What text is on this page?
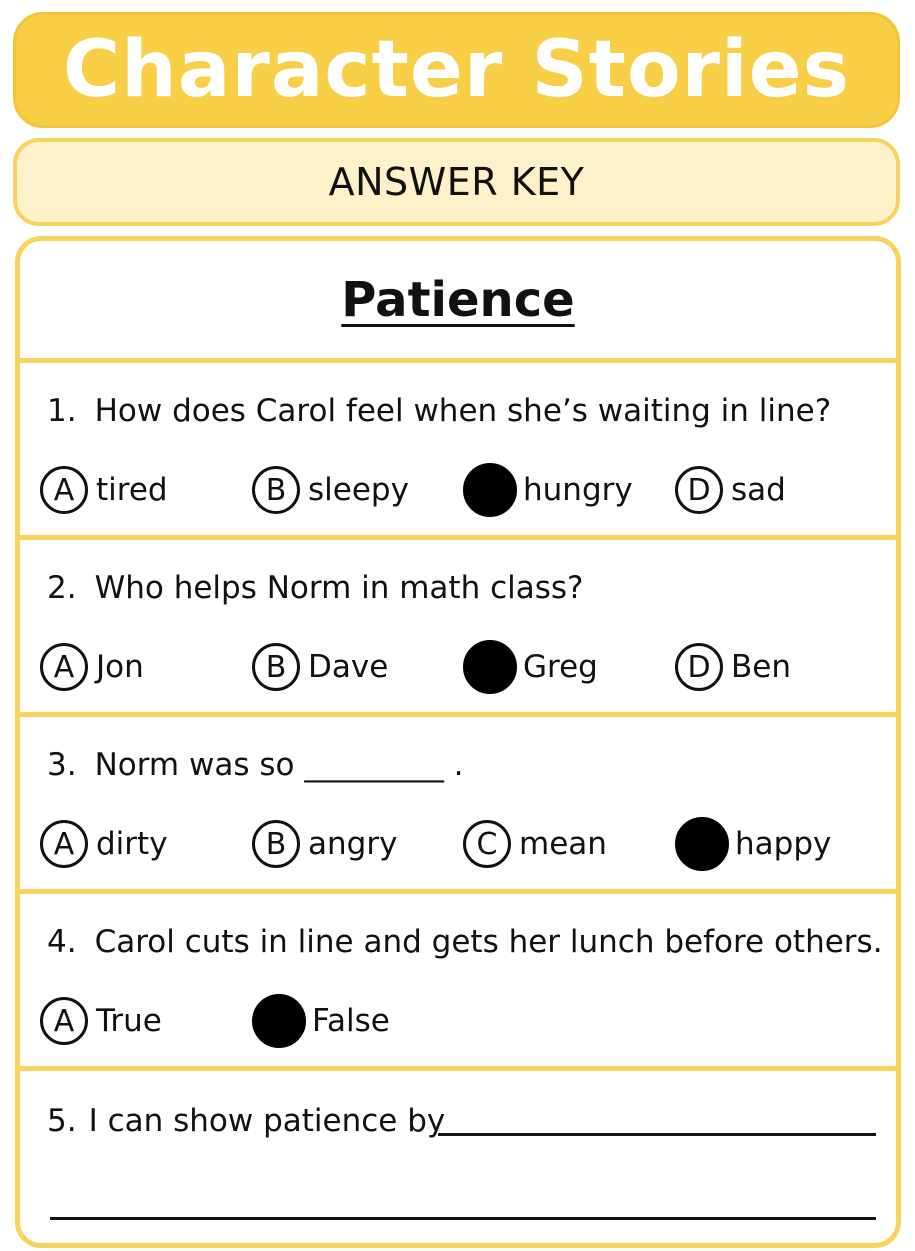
Character Stories
ANSWER KEY
Patience
1. How does Carol feel when she’s waiting in line?
A tired	B sleepy	hungry	D sad
2. Who helps Norm in math class?
A Jon	B Dave	Greg	D Ben
3. Norm was so _________ .
A dirty	B angry	C mean	happy
4. Carol cuts in line and gets her lunch before others.
A True	False
5. I can show patience by
